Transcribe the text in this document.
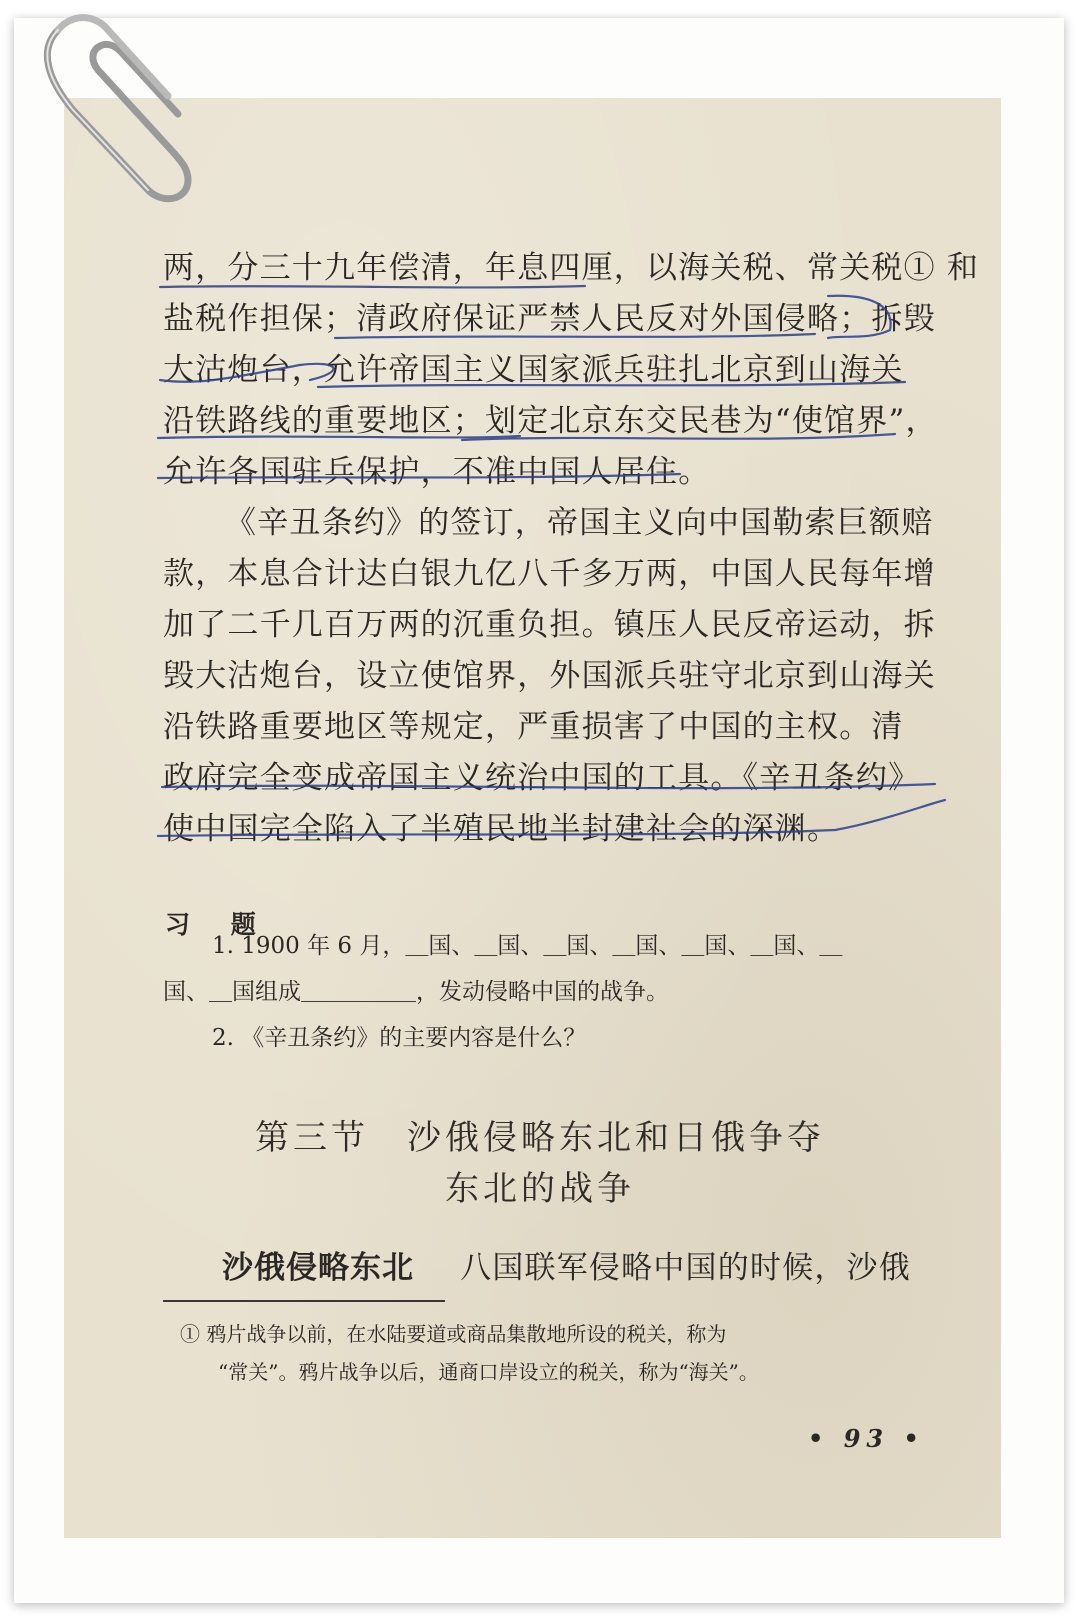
两，分三十九年偿清，年息四厘，以海关税、常关税① 和
盐税作担保；清政府保证严禁人民反对外国侵略；拆毁
大沽炮台，允许帝国主义国家派兵驻扎北京到山海关
沿铁路线的重要地区；划定北京东交民巷为“使馆界”，
允许各国驻兵保护，不准中国人居住。
《辛丑条约》的签订，帝国主义向中国勒索巨额赔
款，本息合计达白银九亿八千多万两，中国人民每年增
加了二千几百万两的沉重负担。镇压人民反帝运动，拆
毁大沽炮台，设立使馆界，外国派兵驻守北京到山海关
沿铁路重要地区等规定，严重损害了中国的主权。清
政府完全变成帝国主义统治中国的工具。《辛丑条约》
使中国完全陷入了半殖民地半封建社会的深渊。
习 题
1. 1900 年 6 月，＿国、＿国、＿国、＿国、＿国、＿国、＿
国、＿国组成＿＿＿＿＿，发动侵略中国的战争。
2. 《辛丑条约》的主要内容是什么？
第三节　沙俄侵略东北和日俄争夺
东北的战争
沙俄侵略东北 八国联军侵略中国的时候，沙俄
① 鸦片战争以前，在水陆要道或商品集散地所设的税关，称为
“常关”。鸦片战争以后，通商口岸设立的税关，称为“海关”。
• 93 •
